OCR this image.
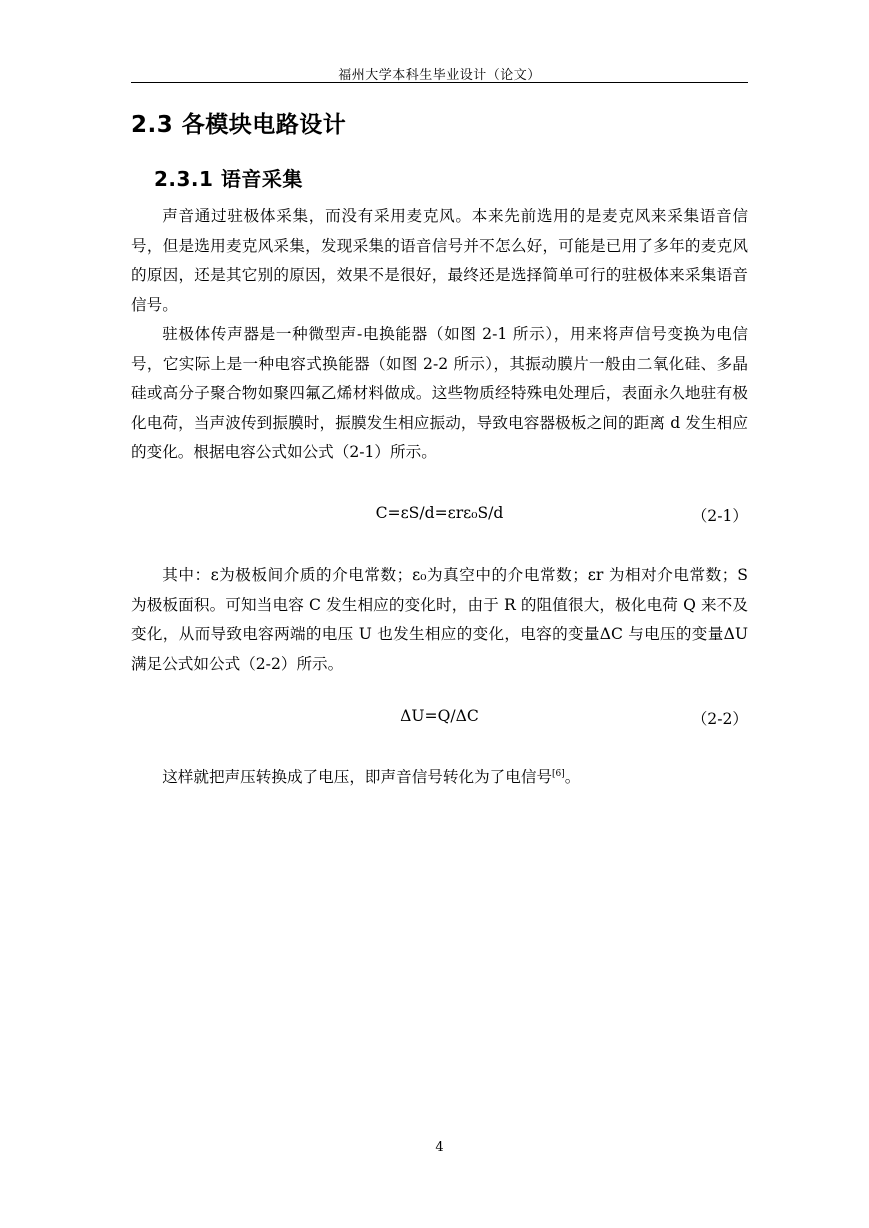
福州大学本科生毕业设计（论文）
2.3 各模块电路设计
2.3.1 语音采集
声音通过驻极体采集，而没有采用麦克风。本来先前选用的是麦克风来采集语音信号，但是选用麦克风采集，发现采集的语音信号并不怎么好，可能是已用了多年的麦克风的原因，还是其它别的原因，效果不是很好，最终还是选择简单可行的驻极体来采集语音信号。
驻极体传声器是一种微型声-电换能器（如图 2-1 所示），用来将声信号变换为电信号，它实际上是一种电容式换能器（如图 2-2 所示），其振动膜片一般由二氧化硅、多晶硅或高分子聚合物如聚四氟乙烯材料做成。这些物质经特殊电处理后，表面永久地驻有极化电荷，当声波传到振膜时，振膜发生相应振动，导致电容器极板之间的距离 d 发生相应的变化。根据电容公式如公式（2-1）所示。
C=εS/d=εrε₀S/d	（2-1）
其中：ε为极板间介质的介电常数；ε₀为真空中的介电常数；εr 为相对介电常数；S 为极板面积。可知当电容 C 发生相应的变化时，由于 R 的阻值很大，极化电荷 Q 来不及变化，从而导致电容两端的电压 U 也发生相应的变化，电容的变量ΔC 与电压的变量ΔU 满足公式如公式（2-2）所示。
ΔU=Q/ΔC	（2-2）
这样就把声压转换成了电压，即声音信号转化为了电信号[6]。
4
